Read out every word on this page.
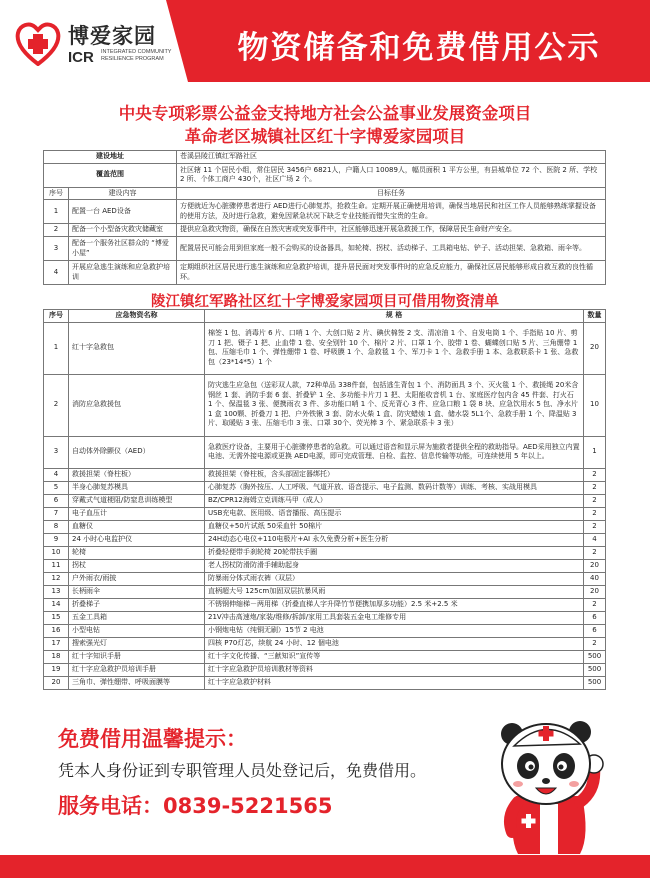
博爱家园
ICR INTEGRATED COMMUNITY RESILIENCE PROGRAM	物资储备和免费借用公示
中央专项彩票公益金支持地方社会公益事业发展资金项目
革命老区城镇社区红十字博爱家园项目
建设地址		苍溪县陵江镇红军路社区
覆盖范围		社区辖 11 个居民小组，常住居民 3456户 6821人，户籍人口 10089人，幅员面积 1 平方公里，有县城单位 72 个、医院 2 所、学校 2 所、个体工商户 430个，社区广场 2 个。
序号	建设内容	目标任务
1	配置一台 AED设备	方便就近为心脏骤停患者进行 AED进行心肺复苏，抢救生命。定期开展正确使用培训，确保当地居民和社区工作人员能够熟练掌握设备的使用方法，及时进行急救，避免因紧急状况下缺乏专业技能而错失宝贵的生命。
2	配备一个小型备灾救灾储藏室	提供应急救灾物资，确保在自然灾害或突发事件中，社区能够迅速开展急救援工作，保障居民生命财产安全。
3	配备一个服务社区群众的 “博爱小屋”	配置居民可能会用到但家庭一般不会购买的设备器具，如轮椅、拐杖、活动梯子、工具箱电钻、铲子、活动担架、急救箱、雨伞等。
4	开展应急逃生演练和应急救护培训	定期组织社区居民进行逃生演练和应急救护培训，提升居民面对突发事件时的应急反应能力，确保社区居民能够形成自救互救的良性循环。
陵江镇红军路社区红十字博爱家园项目可借用物资清单
序号	应急物资名称	规 格	数量
1	红十字急救包	棉签 1 包、消毒片 6 片、口哨 1 个、大创口贴 2 片、碘伏棉签 2 支、清凉油 1 个、自发电筒 1 个、手指贴 10 片、剪刀 1 把、镊子 1 把、止血带 1 卷、安全别针 10 个、棉片 2 片、口罩 1 个、胶带 1 卷、蝴蝶创口贴 5 片、三角绷带 1 包、压缩毛巾 1 个、弹性绷带 1 卷、呼吸膜 1 个、急救毯 1 个、军刀卡 1 个、急救手册 1 本、急救联系卡 1 张、急救包（23*14*5）1 个	20
2	消防应急救援包	防灾逃生应急包（送彩双人款，72种单品 338件套，包括逃生背包 1 个、消防面具 3 个、灭火毯 1 个、救援绳 20米含钢丝 1 套、消防手套 6 套、折叠铲 1 全、多功能卡片刀 1 把、太阳能收音机 1 台、家庭医疗包内含 45 件套、打火石 1 个、保温毯 3 张、便携雨衣 3 件、多功能口哨 1 个、反光背心 3 件、应急口粮 1 袋 8 块、应急饮用水 5 包、净水片 1 盒 100颗、折叠刀 1 把、户外铁锹 3 套、防水火柴 1 盒、防灾蜡烛 1 盒、储水袋 5L1个、急救手册 1 个、降温贴 3 片、取暖贴 3 张、压缩毛巾 3 张、口罩 30个、荧光棒 3 个、紧急联系卡 3 张）	10
3	自动体外除颤仪（AED）	急救医疗设备，主要用于心脏骤停患者的急救。可以通过语音和显示屏为施救者提供全程的救助指导。AED采用独立内置电池、无需外接电源或更换 AED电源，即可完成管理、自检、监控、信息传输等功能，可连续使用 5 年以上。	1
4	救援担架（脊柱板）	救援担架（脊柱板，含头部固定器绑托）	2
5	半身心肺复苏模具	心肺复苏（胸外按压、人工呼吸、气道开放、语音提示、电子监测、数码计数等）训练、考核、实战用模具	2
6	穿戴式气道梗阻/防窒息训练模型	BZ/CPR12海姆立克训练马甲（成人）	2
7	电子血压计	USB充电款、医用级、语音播报、高压提示	2
8	血糖仪	血糖仪+50片试纸 50采血针 50棉片	2
9	24 小时心电监护仪	24H动态心电仪+110电极片+AI 永久免费分析+医生分析	4
10	轮椅	折叠轻便带手刹轮椅 20轮带扶手圈	2
11	拐杖	老人拐杖防滑防滑手辅助起身	20
12	户外雨衣/雨披	防暴雨分体式雨衣裤（双层）	40
13	长柄雨伞	直柄超大号 125cm加固双层抗暴风雨	20
14	折叠梯子	不锈钢伸缩梯－两用梯（折叠直梯人字升降竹节便携加厚多功能）2.5 米+2.5 米	2
15	五金工具箱	21V冲击高速炮/家装/维修/拆卸/家用工具套装五金电工维修专用	6
16	小型电钻	小钢炮电钻（纯铜无刷）15节 2 电池	6
17	搜索强光灯	四核 P70灯芯，续航 24 小时、12 個电池	2
18	红十字知识手册	红十字文化传播、“三献知识”宣传等	500
19	红十字应急救护员培训手册	红十字应急救护员培训教材等资料	500
20	三角巾、弹性绷带、呼吸面膜等	红十字应急救护材料	500
免费借用温馨提示：
凭本人身份证到专职管理人员处登记后，免费借用。
服务电话：0839-5221565
